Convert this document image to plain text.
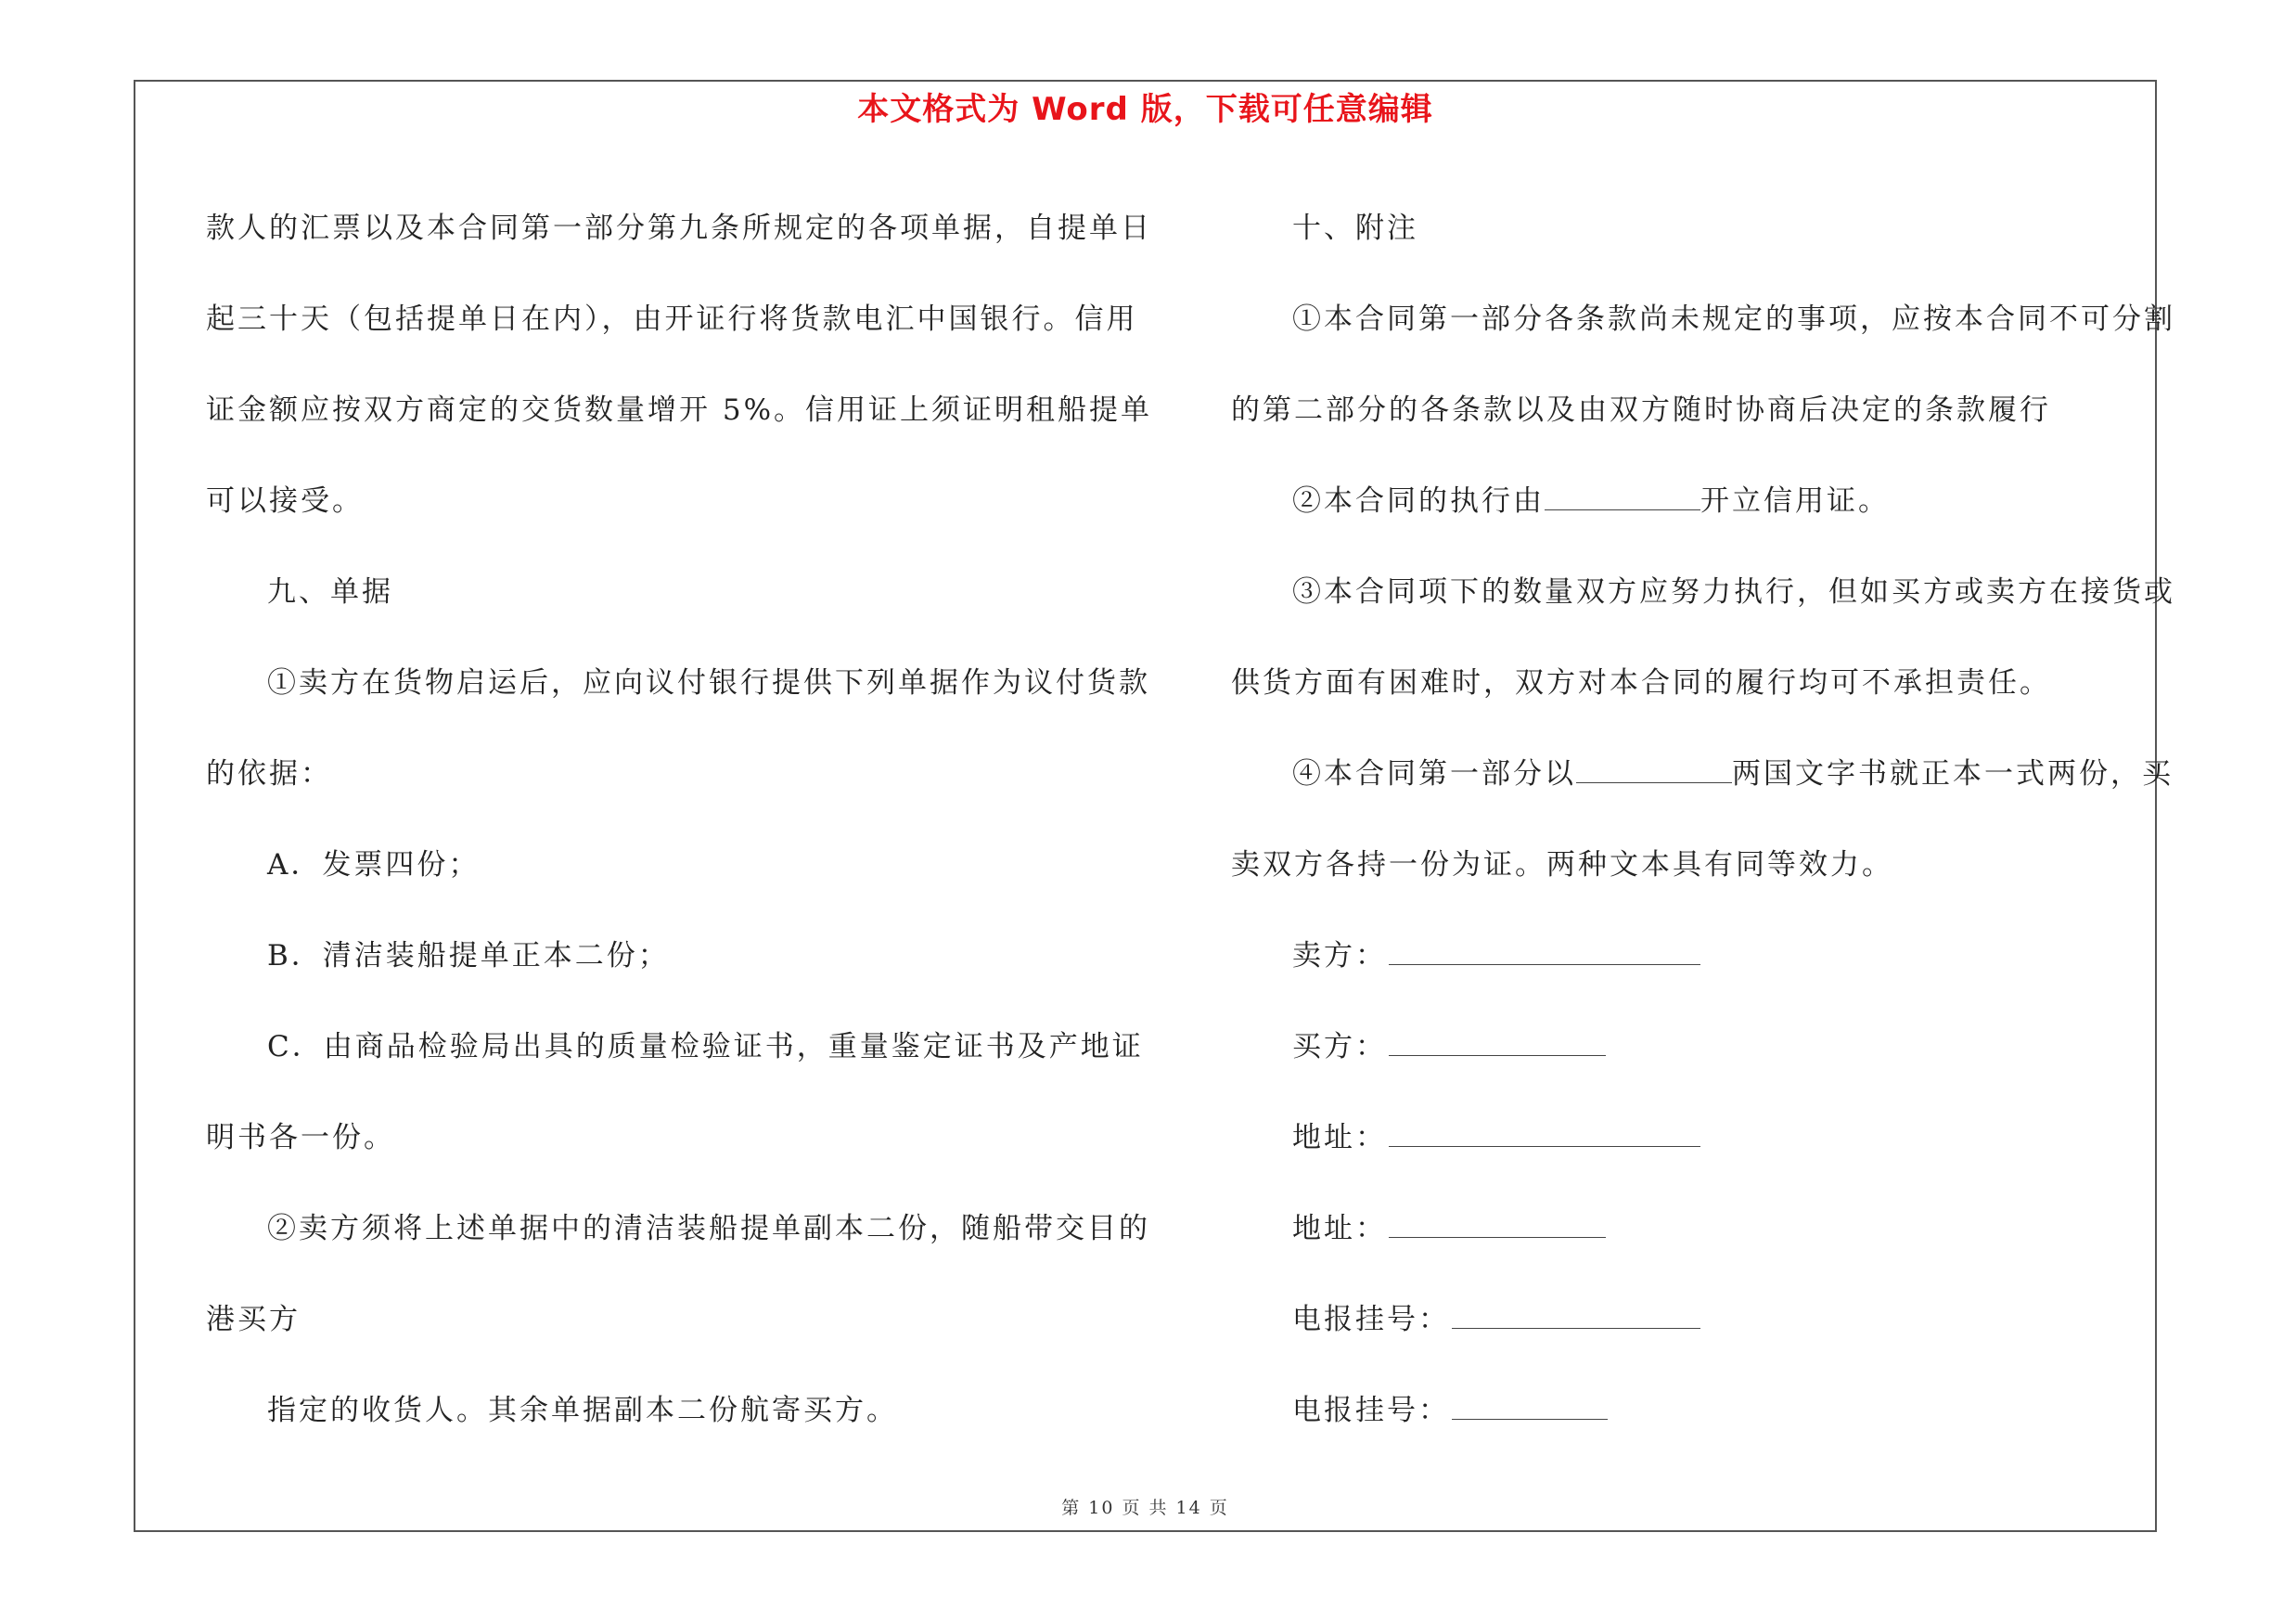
本文格式为 Word 版，下载可任意编辑
款人的汇票以及本合同第一部分第九条所规定的各项单据，自提单日
起三十天（包括提单日在内），由开证行将货款电汇中国银行。信用
证金额应按双方商定的交货数量增开 5%。信用证上须证明租船提单
可以接受。
九、单据
①卖方在货物启运后，应向议付银行提供下列单据作为议付货款
的依据：
A．发票四份；
B．清洁装船提单正本二份；
C．由商品检验局出具的质量检验证书，重量鉴定证书及产地证
明书各一份。
②卖方须将上述单据中的清洁装船提单副本二份，随船带交目的
港买方
指定的收货人。其余单据副本二份航寄买方。
十、附注
①本合同第一部分各条款尚未规定的事项，应按本合同不可分割
的第二部分的各条款以及由双方随时协商后决定的条款履行
②本合同的执行由	开立信用证。
③本合同项下的数量双方应努力执行，但如买方或卖方在接货或
供货方面有困难时，双方对本合同的履行均可不承担责任。
④本合同第一部分以	两国文字书就正本一式两份，买
卖双方各持一份为证。两种文本具有同等效力。
卖方：
买方：
地址：
地址：
电报挂号：
电报挂号：
第 10 页 共 14 页
